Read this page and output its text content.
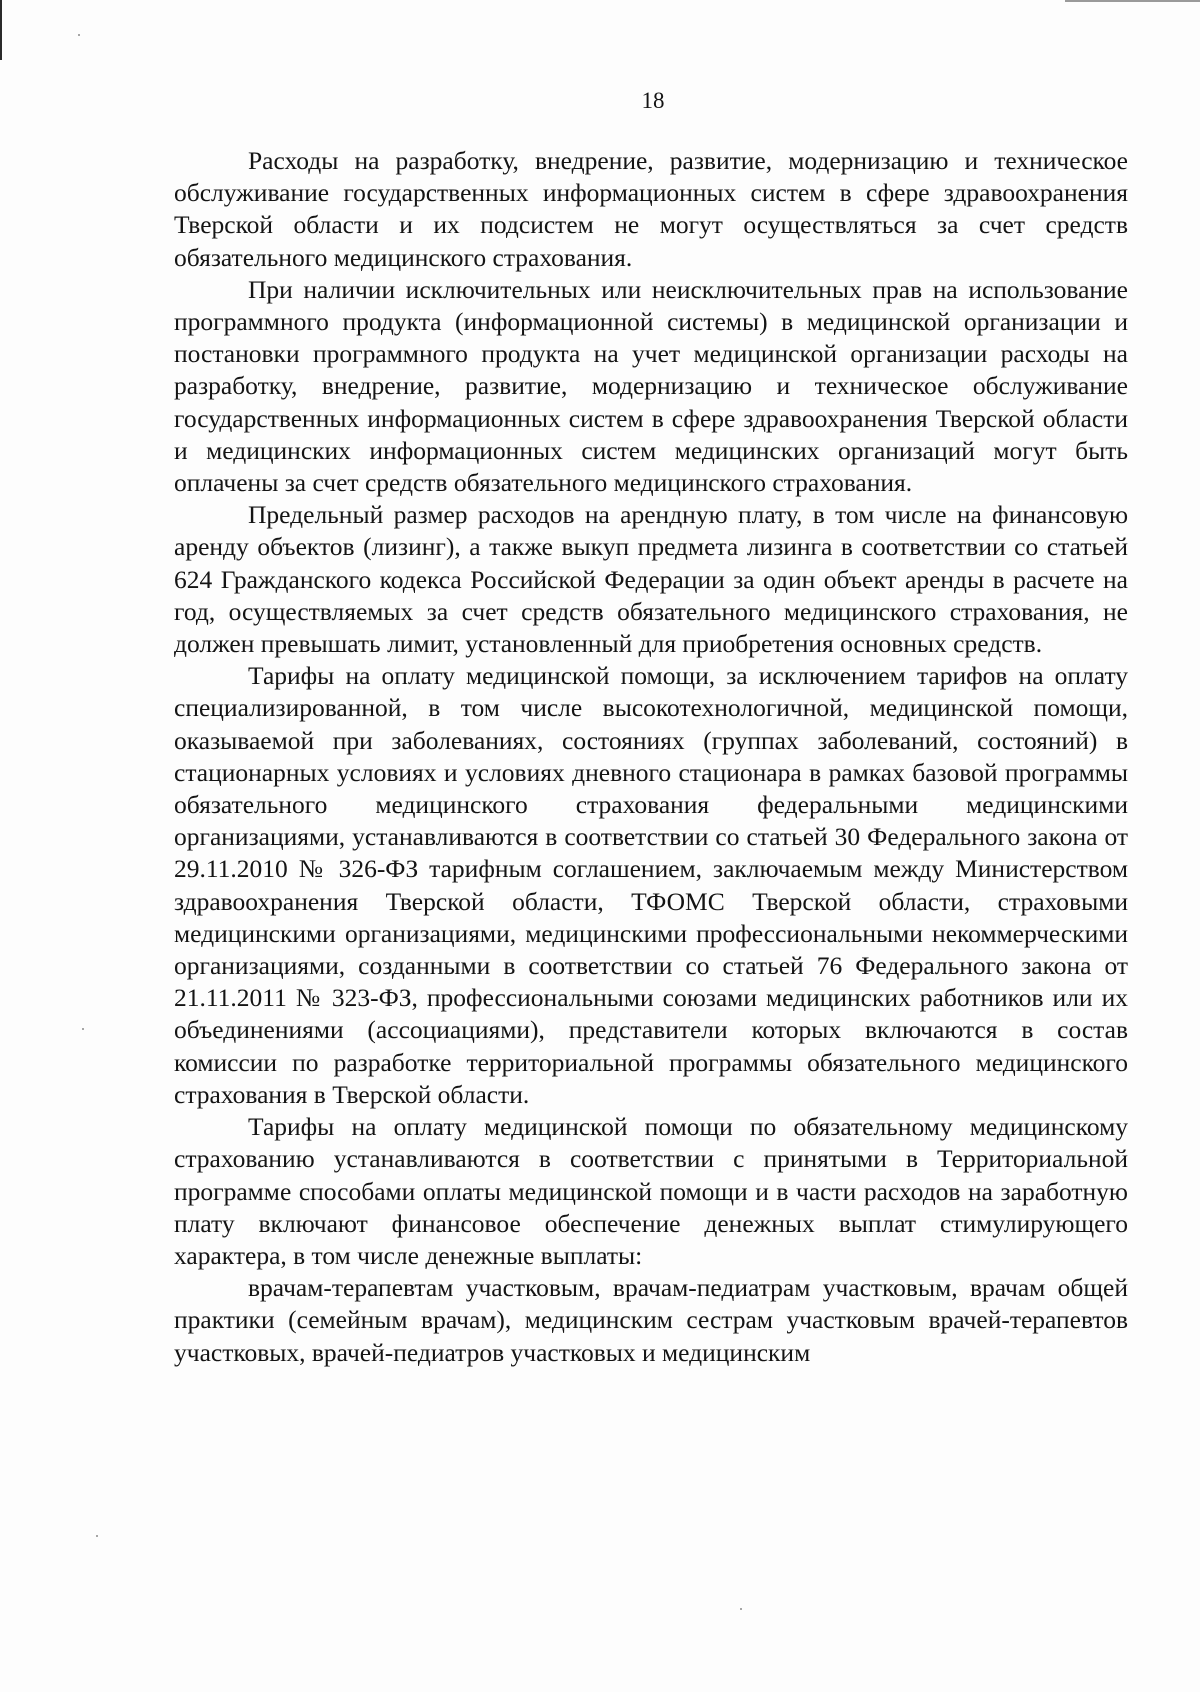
18

Расходы на разработку, внедрение, развитие, модернизацию и техническое обслуживание государственных информационных систем в сфере здравоохранения Тверской области и их подсистем не могут осуществляться за счет средств обязательного медицинского страхования.

При наличии исключительных или неисключительных прав на использование программного продукта (информационной системы) в медицинской организации и постановки программного продукта на учет медицинской организации расходы на разработку, внедрение, развитие, модернизацию и техническое обслуживание государственных информационных систем в сфере здравоохранения Тверской области и медицинских информационных систем медицинских организаций могут быть оплачены за счет средств обязательного медицинского страхования.

Предельный размер расходов на арендную плату, в том числе на финансовую аренду объектов (лизинг), а также выкуп предмета лизинга в соответствии со статьей 624 Гражданского кодекса Российской Федерации за один объект аренды в расчете на год, осуществляемых за счет средств обязательного медицинского страхования, не должен превышать лимит, установленный для приобретения основных средств.

Тарифы на оплату медицинской помощи, за исключением тарифов на оплату специализированной, в том числе высокотехнологичной, медицинской помощи, оказываемой при заболеваниях, состояниях (группах заболеваний, состояний) в стационарных условиях и условиях дневного стационара в рамках базовой программы обязательного медицинского страхования федеральными медицинскими организациями, устанавливаются в соответствии со статьей 30 Федерального закона от 29.11.2010 № 326-ФЗ тарифным соглашением, заключаемым между Министерством здравоохранения Тверской области, ТФОМС Тверской области, страховыми медицинскими организациями, медицинскими профессиональными некоммерческими организациями, созданными в соответствии со статьей 76 Федерального закона от 21.11.2011 № 323-ФЗ, профессиональными союзами медицинских работников или их объединениями (ассоциациями), представители которых включаются в состав комиссии по разработке территориальной программы обязательного медицинского страхования в Тверской области.

Тарифы на оплату медицинской помощи по обязательному медицинскому страхованию устанавливаются в соответствии с принятыми в Территориальной программе способами оплаты медицинской помощи и в части расходов на заработную плату включают финансовое обеспечение денежных выплат стимулирующего характера, в том числе денежные выплаты:

врачам-терапевтам участковым, врачам-педиатрам участковым, врачам общей практики (семейным врачам), медицинским сестрам участковым врачей-терапевтов участковых, врачей-педиатров участковых и медицинским
